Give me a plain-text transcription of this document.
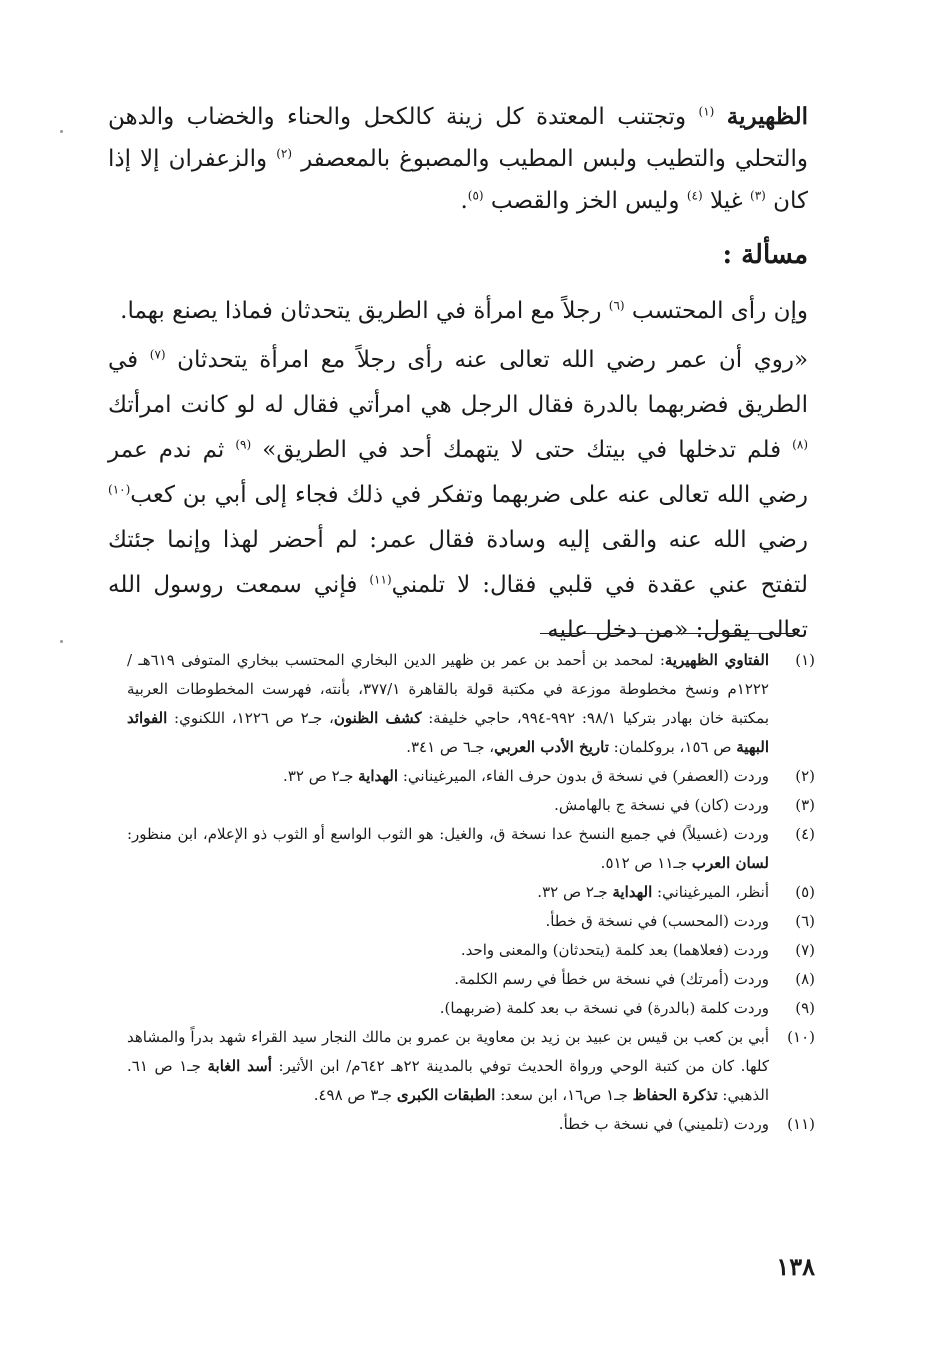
الظهيرية $^{(١)}$ وتجتنب المعتدة كل زينة كالكحل والحناء والخضاب والدهن والتحلي والتطيب ولبس المطيب والمصبوغ بالمعصفر $^{(٢)}$ والزعفران إلا إذا كان $^{(٣)}$ غيلا $^{(٤)}$ وليس الخز والقصب $^{(٥)}$.

مسألة :

وإن رأى المحتسب $^{(٦)}$ رجلاً مع امرأة في الطريق يتحدثان فماذا يصنع بهما.

«روي أن عمر رضي الله تعالى عنه رأى رجلاً مع امرأة يتحدثان $^{(٧)}$ في الطريق فضربهما بالدرة فقال الرجل هي امرأتي فقال له لو كانت امرأتك $^{(٨)}$ فلم تدخلها في بيتك حتى لا يتهمك أحد في الطريق» $^{(٩)}$ ثم ندم عمر رضي الله تعالى عنه على ضربهما وتفكر في ذلك فجاء إلى أبي بن كعب$^{(١٠)}$ رضي الله عنه والقى إليه وسادة فقال عمر: لم أحضر لهذا وإنما جئتك لتفتح عني عقدة في قلبي فقال: لا تلمني$^{(١١)}$ فإني سمعت روسول الله تعالى يقول: «من دخل عليه

(١)
الفتاوي الظهيرية: لمحمد بن أحمد بن عمر بن ظهير الدين البخاري المحتسب ببخاري المتوفى ٦١٩هـ / ١٢٢٢م ونسخ مخطوطة موزعة في مكتبة قولة بالقاهرة ٣٧٧/١، بأنته، فهرست المخطوطات العربية بمكتبة خان بهادر بتركيا ٩٨/١: ٩٩٢-٩٩٤، حاجي خليفة: كشف الظنون، جـ٢ ص ١٢٢٦، اللكنوي: الفوائد البهية ص ١٥٦، بروكلمان: تاريخ الأدب العربي، جـ٦ ص ٣٤١.
(٢)
وردت (العصفر) في نسخة ق بدون حرف الفاء، الميرغيناني: الهداية جـ٢ ص ٣٢.
(٣)
وردت (كان) في نسخة ج بالهامش.
(٤)
وردت (غسيلاً) في جميع النسخ عدا نسخة ق، والغيل: هو الثوب الواسع أو الثوب ذو الإعلام، ابن منظور: لسان العرب جـ١١ ص ٥١٢.
(٥)
أنظر، الميرغيناني: الهداية جـ٢ ص ٣٢.
(٦)
وردت (المحسب) في نسخة ق خطأ.
(٧)
وردت (فعلاهما) بعد كلمة (يتحدثان) والمعنى واحد.
(٨)
وردت (أمرتك) في نسخة س خطأ في رسم الكلمة.
(٩)
وردت كلمة (بالدرة) في نسخة ب بعد كلمة (ضربهما).
(١٠)
أبي بن كعب بن قيس بن عبيد بن زيد بن معاوية بن عمرو بن مالك النجار سيد القراء شهد بدراً والمشاهد كلها. كان من كتبة الوحي ورواة الحديث توفي بالمدينة ٢٢هـ ٦٤٢م/ ابن الأثير: أسد الغابة جـ١ ص ٦١. الذهبي: تذكرة الحفاظ جـ١ ص١٦، ابن سعد: الطبقات الكبرى جـ٣ ص ٤٩٨.
(١١)
وردت (تلميني) في نسخة ب خطأ.
١٣٨
